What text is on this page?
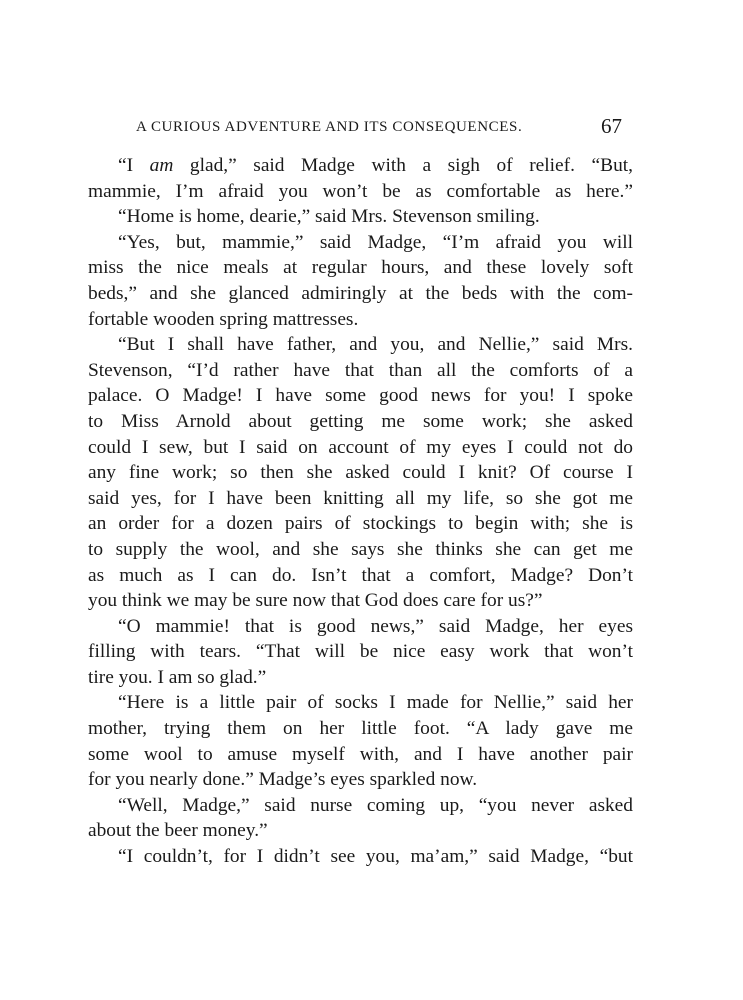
A CURIOUS ADVENTURE AND ITS CONSEQUENCES.	67
“I am glad,” said Madge with a sigh of relief. “But,
mammie, I’m afraid you won’t be as comfortable as here.”
“Home is home, dearie,” said Mrs. Stevenson smiling.
“Yes, but, mammie,” said Madge, “I’m afraid you will
miss the nice meals at regular hours, and these lovely soft
beds,” and she glanced admiringly at the beds with the com-
fortable wooden spring mattresses.
“But I shall have father, and you, and Nellie,” said Mrs.
Stevenson, “I’d rather have that than all the comforts of a
palace. O Madge! I have some good news for you! I spoke
to Miss Arnold about getting me some work; she asked
could I sew, but I said on account of my eyes I could not do
any fine work; so then she asked could I knit? Of course I
said yes, for I have been knitting all my life, so she got me
an order for a dozen pairs of stockings to begin with; she is
to supply the wool, and she says she thinks she can get me
as much as I can do. Isn’t that a comfort, Madge? Don’t
you think we may be sure now that God does care for us?”
“O mammie! that is good news,” said Madge, her eyes
filling with tears. “That will be nice easy work that won’t
tire you. I am so glad.”
“Here is a little pair of socks I made for Nellie,” said her
mother, trying them on her little foot. “A lady gave me
some wool to amuse myself with, and I have another pair
for you nearly done.” Madge’s eyes sparkled now.
“Well, Madge,” said nurse coming up, “you never asked
about the beer money.”
“I couldn’t, for I didn’t see you, ma’am,” said Madge, “but
